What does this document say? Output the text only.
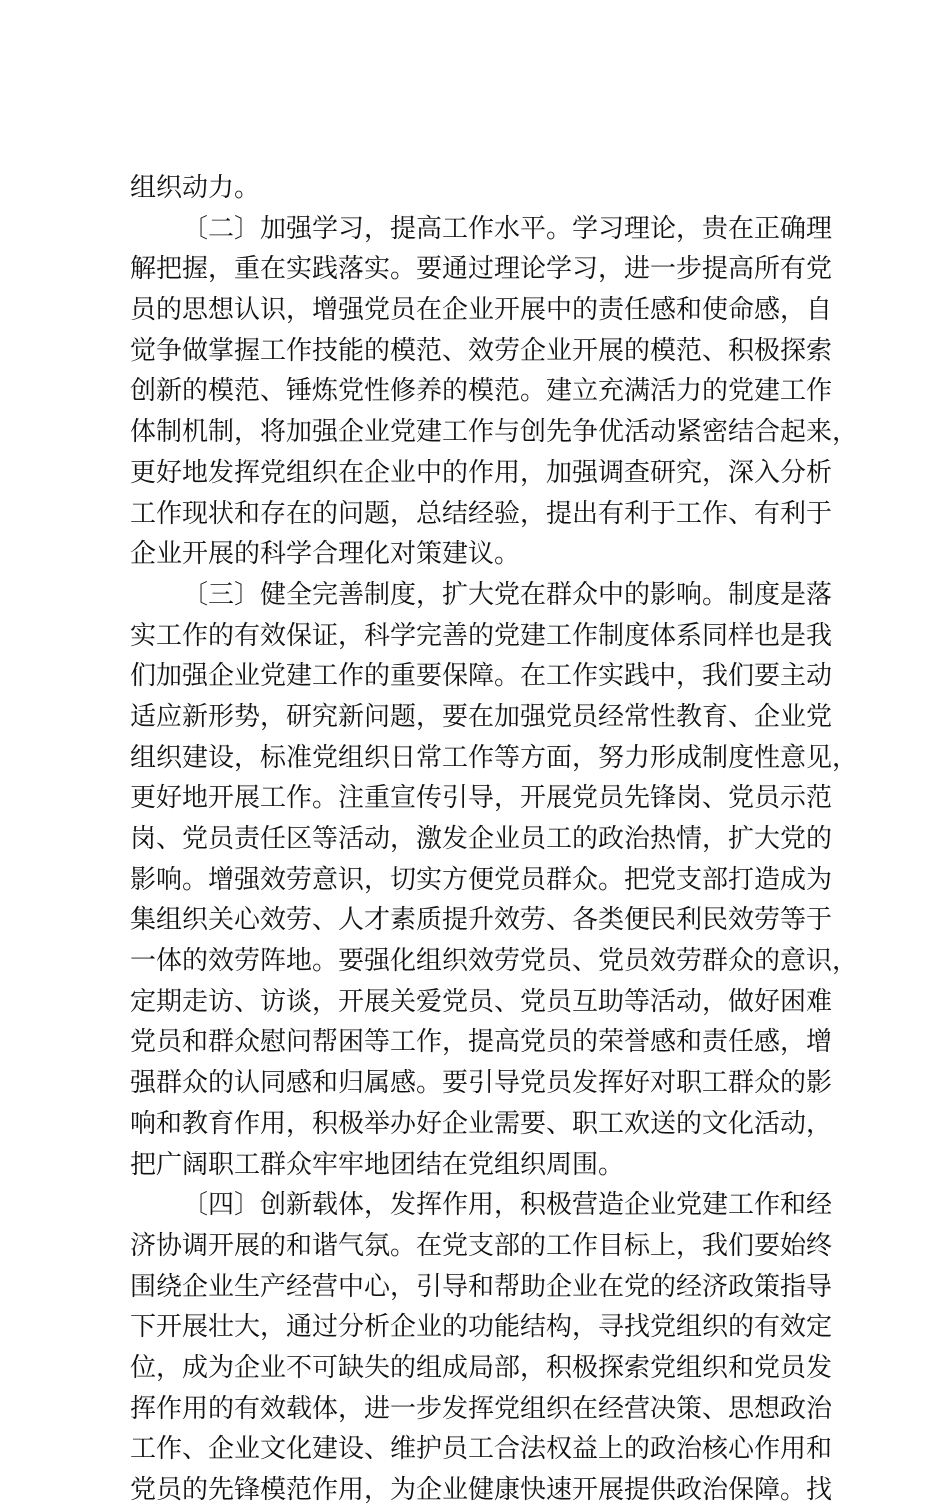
组织动力。
〔二〕加强学习，提高工作水平。学习理论，贵在正确理
解把握，重在实践落实。要通过理论学习，进一步提高所有党
员的思想认识，增强党员在企业开展中的责任感和使命感，自
觉争做掌握工作技能的模范、效劳企业开展的模范、积极探索
创新的模范、锤炼党性修养的模范。建立充满活力的党建工作
体制机制，将加强企业党建工作与创先争优活动紧密结合起来，
更好地发挥党组织在企业中的作用，加强调查研究，深入分析
工作现状和存在的问题，总结经验，提出有利于工作、有利于
企业开展的科学合理化对策建议。
〔三〕健全完善制度，扩大党在群众中的影响。制度是落
实工作的有效保证，科学完善的党建工作制度体系同样也是我
们加强企业党建工作的重要保障。在工作实践中，我们要主动
适应新形势，研究新问题，要在加强党员经常性教育、企业党
组织建设，标准党组织日常工作等方面，努力形成制度性意见，
更好地开展工作。注重宣传引导，开展党员先锋岗、党员示范
岗、党员责任区等活动，激发企业员工的政治热情，扩大党的
影响。增强效劳意识，切实方便党员群众。把党支部打造成为
集组织关心效劳、人才素质提升效劳、各类便民利民效劳等于
一体的效劳阵地。要强化组织效劳党员、党员效劳群众的意识，
定期走访、访谈，开展关爱党员、党员互助等活动，做好困难
党员和群众慰问帮困等工作，提高党员的荣誉感和责任感，增
强群众的认同感和归属感。要引导党员发挥好对职工群众的影
响和教育作用，积极举办好企业需要、职工欢送的文化活动，
把广阔职工群众牢牢地团结在党组织周围。
〔四〕创新载体，发挥作用，积极营造企业党建工作和经
济协调开展的和谐气氛。在党支部的工作目标上，我们要始终
围绕企业生产经营中心，引导和帮助企业在党的经济政策指导
下开展壮大，通过分析企业的功能结构，寻找党组织的有效定
位，成为企业不可缺失的组成局部，积极探索党组织和党员发
挥作用的有效载体，进一步发挥党组织在经营决策、思想政治
工作、企业文化建设、维护员工合法权益上的政治核心作用和
党员的先锋模范作用，为企业健康快速开展提供政治保障。找
